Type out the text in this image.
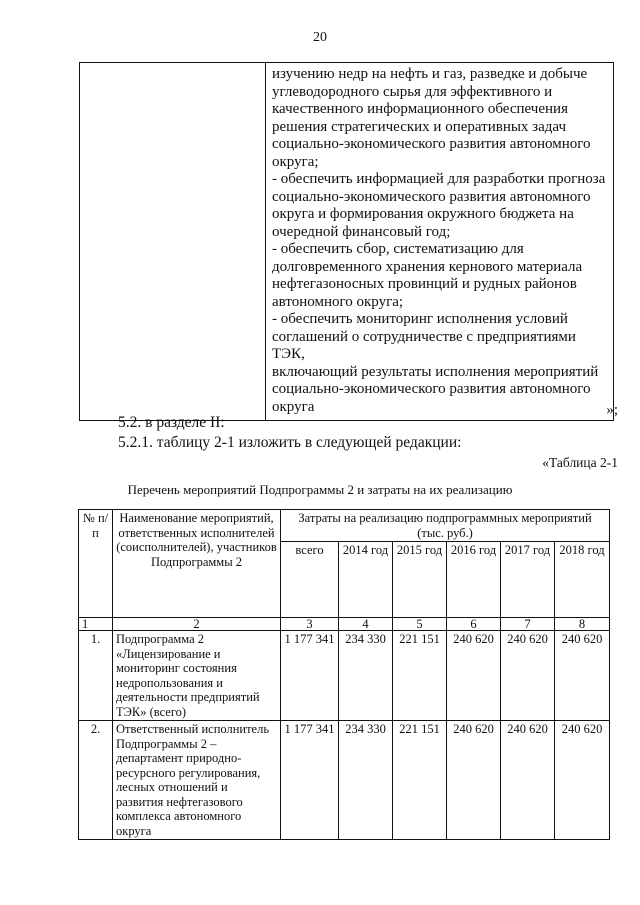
20

изучению недр на нефть и газ, разведке и добыче
углеводородного сырья для эффективного и
качественного информационного обеспечения
решения стратегических и оперативных задач
социально-экономического развития автономного
округа;
- обеспечить информацией для разработки прогноза
социально-экономического развития автономного
округа и формирования окружного бюджета на
очередной финансовый год;
- обеспечить сбор, систематизацию для
долговременного хранения кернового материала
нефтегазоносных провинций и рудных районов
автономного округа;
- обеспечить мониторинг исполнения условий
соглашений о сотрудничестве с предприятиями ТЭК,
включающий результаты исполнения мероприятий
социально-экономического развития автономного
округа	»;
5.2. в разделе II:
5.2.1. таблицу 2-1 изложить в следующей редакции:
«Таблица 2-1
Перечень мероприятий Подпрограммы 2 и затраты на их реализацию
№ п/п	Наименование мероприятий, ответственных исполнителей (соисполнителей), участников Подпрограммы 2	Затраты на реализацию подпрограммных мероприятий (тыс. руб.)					
		всего	2014 год	2015 год	2016 год	2017 год	2018 год
1	2	3	4	5	6	7	8
1.	Подпрограмма 2 «Лицензирование и мониторинг состояния недропользования и деятельности предприятий ТЭК» (всего)	1 177 341	234 330	221 151	240 620	240 620	240 620
2.	Ответственный исполнитель Подпрограммы 2 – департамент природно-ресурсного регулирования, лесных отношений и развития нефтегазового комплекса автономного округа	1 177 341	234 330	221 151	240 620	240 620	240 620
